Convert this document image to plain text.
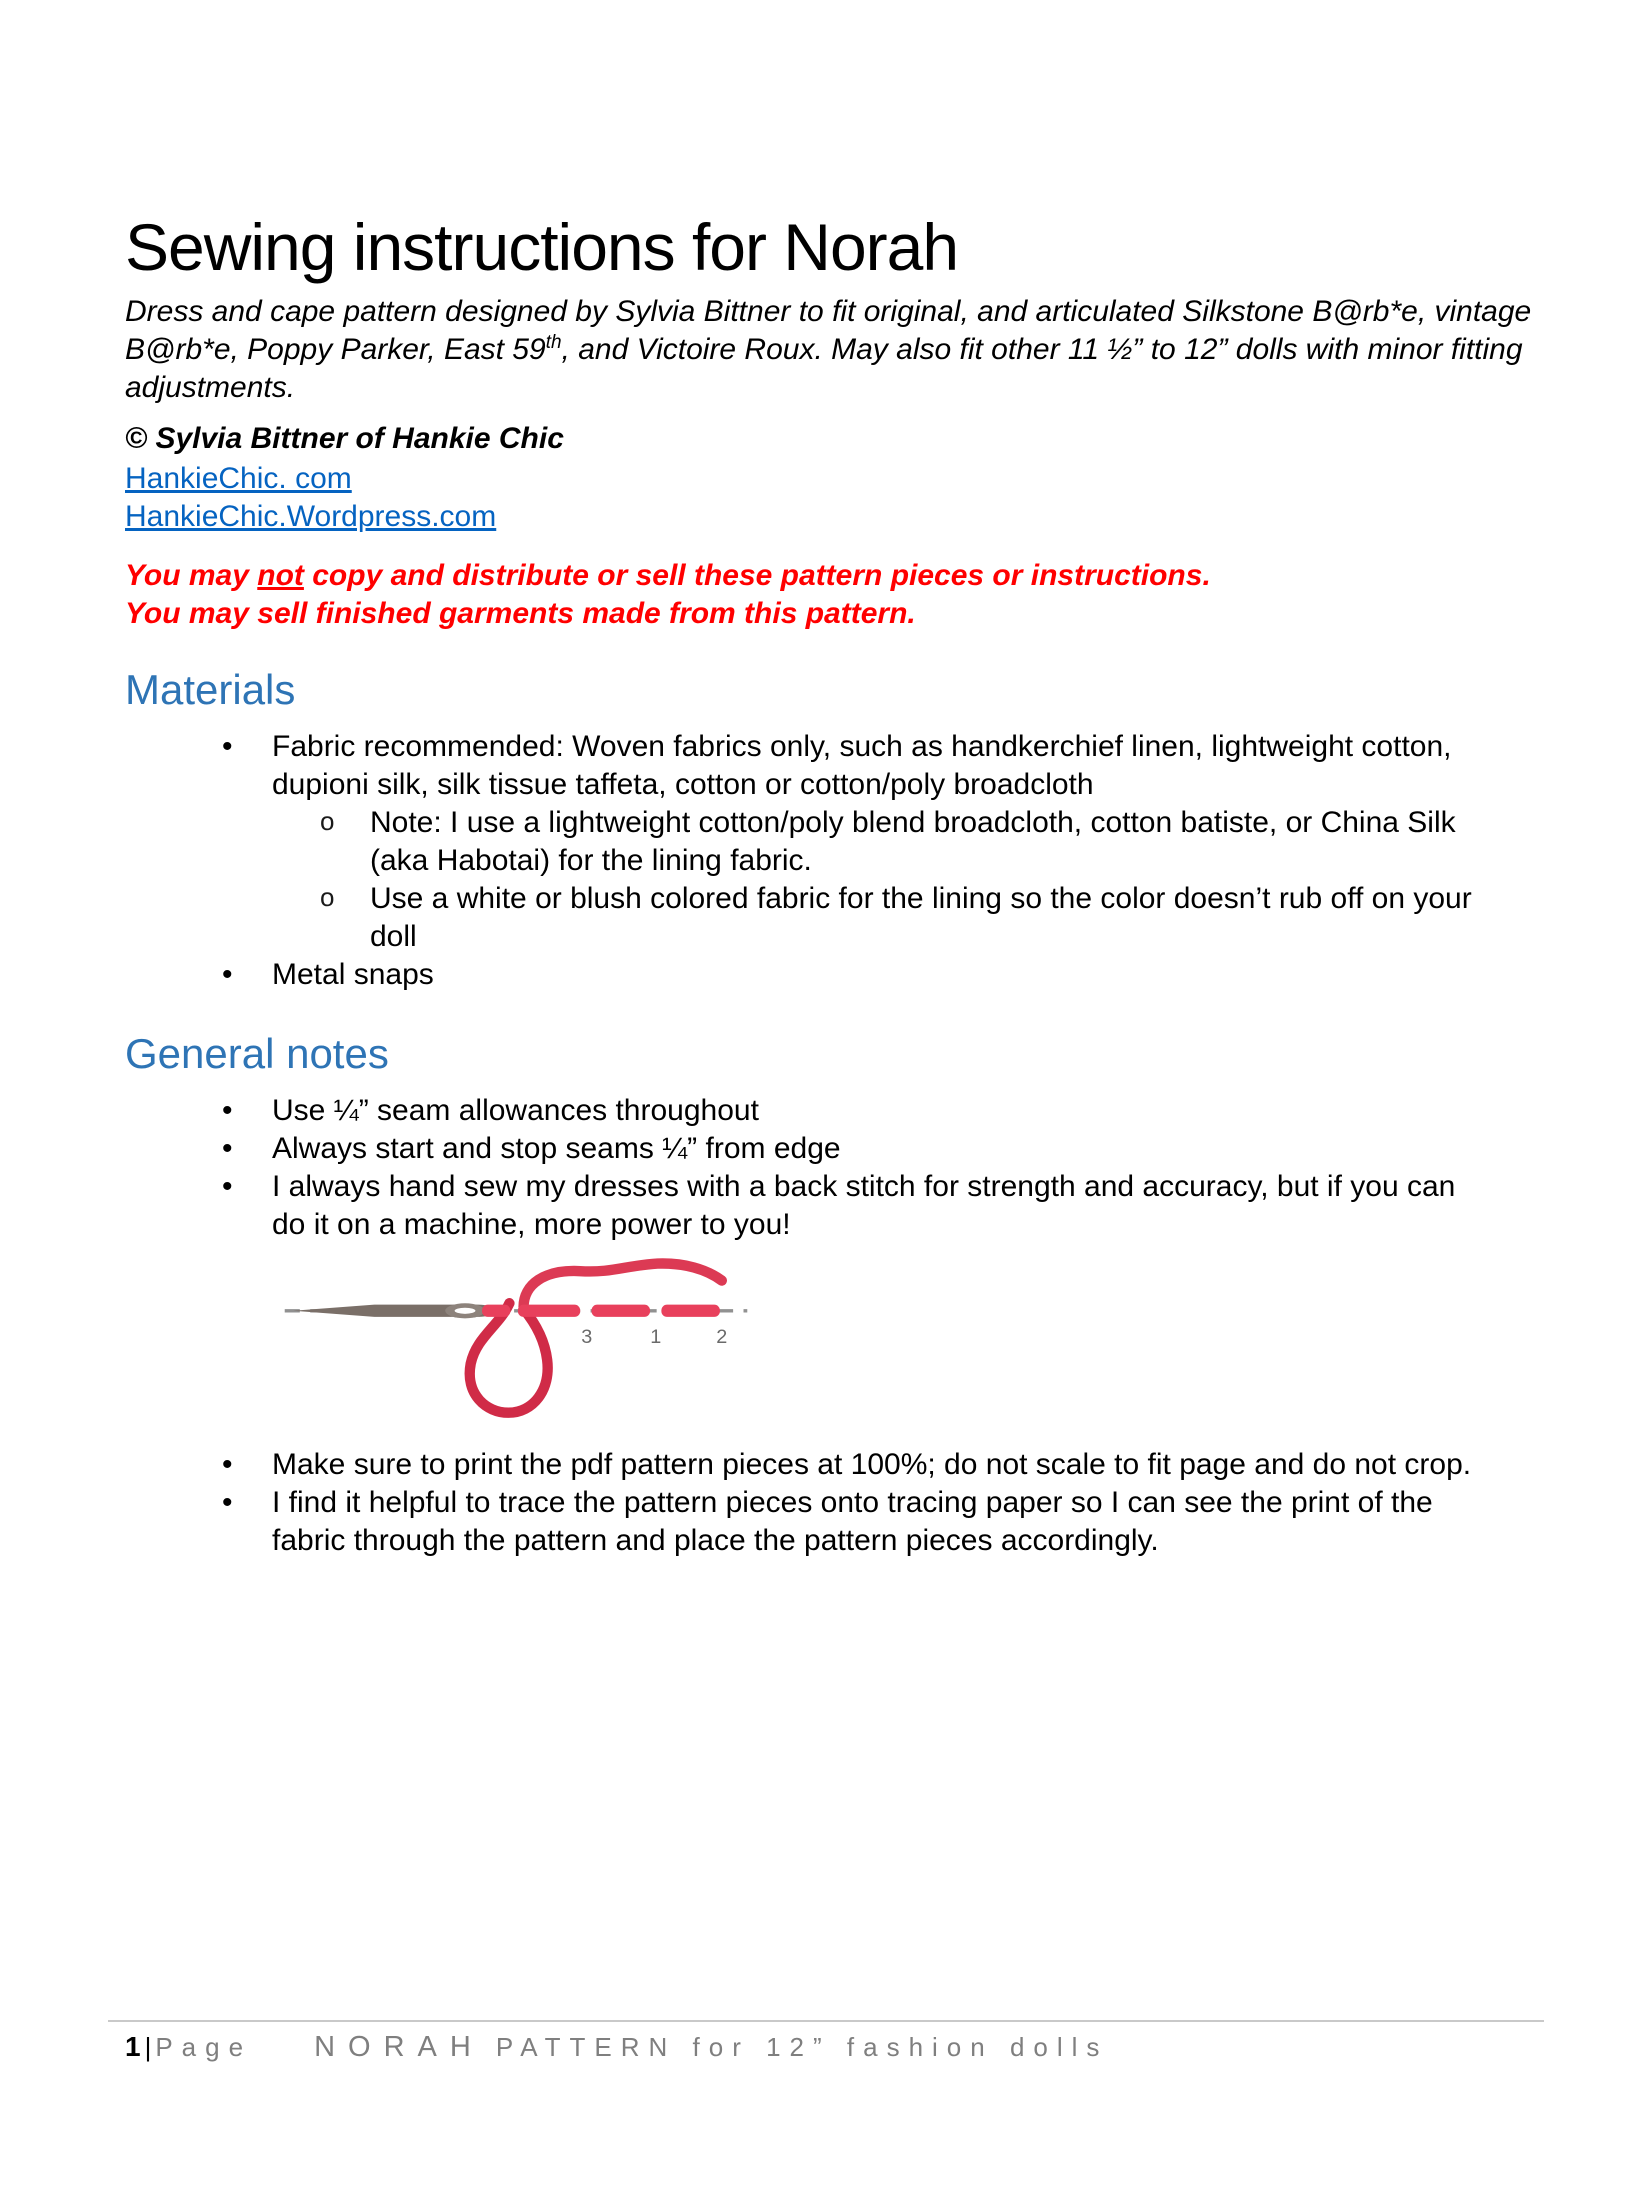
Sewing instructions for Norah

Dress and cape pattern designed by Sylvia Bittner to fit original, and articulated Silkstone B@rb*e, vintage B@rb*e, Poppy Parker, East 59th, and Victoire Roux. May also fit other 11 ½” to 12” dolls with minor fitting adjustments.

© Sylvia Bittner of Hankie Chic

HankieChic. com

HankieChic.Wordpress.com

You may not copy and distribute or sell these pattern pieces or instructions.

You may sell finished garments made from this pattern.

Materials
• Fabric recommended: Woven fabrics only, such as handkerchief linen, lightweight cotton, dupioni silk, silk tissue taffeta, cotton or cotton/poly broadcloth
o Note: I use a lightweight cotton/poly blend broadcloth, cotton batiste, or China Silk (aka Habotai) for the lining fabric.
o Use a white or blush colored fabric for the lining so the color doesn’t rub off on your doll
• Metal snaps
General notes
• Use ¼” seam allowances throughout
• Always start and stop seams ¼” from edge
• I always hand sew my dresses with a back stitch for strength and accuracy, but if you can do it on a machine, more power to you!
3	1	2
• Make sure to print the pdf pattern pieces at 100%; do not scale to fit page and do not crop.
• I find it helpful to trace the pattern pieces onto tracing paper so I can see the print of the fabric through the pattern and place the pattern pieces accordingly.
1| Page NORAH PATTERN for 12” fashion dolls
